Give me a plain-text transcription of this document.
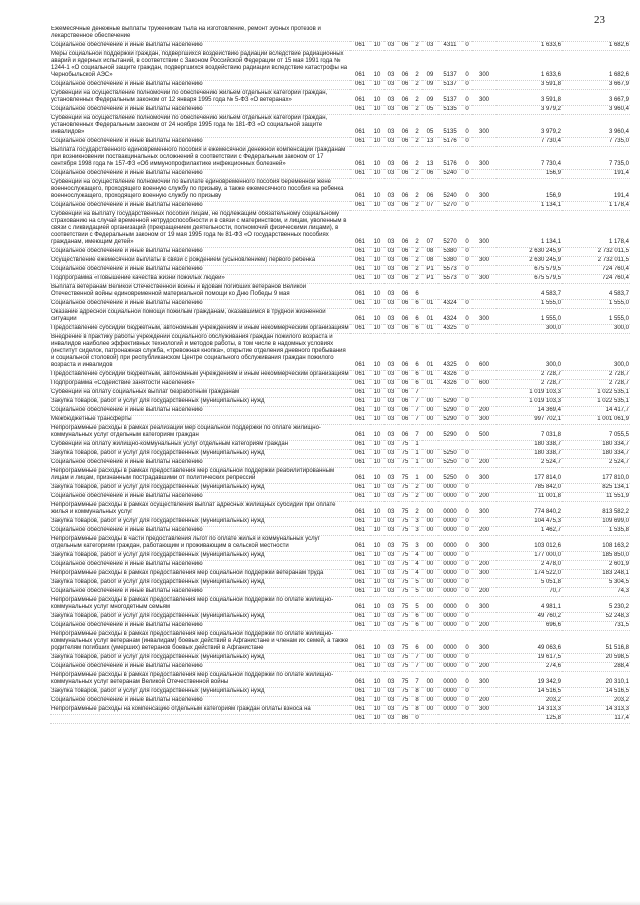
23
Ежемесячные денежные выплаты труженикам тыла на изготовление, ремонт зубных протезов и лекарственное обеспечение											
Социальное обеспечение и иные выплаты населению	061	10	03	06	2	03	4311	0		1 633,6	1 682,6
Меры социальной поддержки граждан, подвергшихся воздействию радиации вследствие радиационных аварий и ядерных испытаний, в соответствии с Законом Российской Федерации от 15 мая 1991 года № 1244-1 «О социальной защите граждан, подвергшихся воздействию радиации вследствие катастрофы на Чернобыльской АЭС»	061	10	03	06	2	09	5137	0	300	1 633,6	1 682,6
Социальное обеспечение и иные выплаты населению	061	10	03	06	2	09	5137	0		3 591,8	3 667,9
Субвенции на осуществление полномочий по обеспечению жильем отдельных категорий граждан, установленных Федеральным законом от 12 января 1995 года № 5-ФЗ «О ветеранах»	061	10	03	06	2	09	5137	0	300	3 591,8	3 667,9
Социальное обеспечение и иные выплаты населению	061	10	03	06	2	05	5135	0		3 979,2	3 960,4
Субвенции на осуществление полномочий по обеспечению жильем отдельных категорий граждан, установленных Федеральным законом от 24 ноября 1995 года № 181-ФЗ «О социальной защите инвалидов»	061	10	03	06	2	05	5135	0	300	3 979,2	3 960,4
Социальное обеспечение и иные выплаты населению	061	10	03	06	2	13	5176	0		7 730,4	7 735,0
Выплата государственного единовременного пособия и ежемесячной денежной компенсации гражданам при возникновении поствакцинальных осложнений в соответствии с Федеральным законом от 17 сентября 1998 года № 157-ФЗ «Об иммунопрофилактике инфекционных болезней»	061	10	03	06	2	13	5176	0	300	7 730,4	7 735,0
Социальное обеспечение и иные выплаты населению	061	10	03	06	2	06	5240	0		156,9	191,4
Субвенции на осуществление полномочий по выплате единовременного пособия беременной жене военнослужащего, проходящего военную службу по призыву, а также ежемесячного пособия на ребенка военнослужащего, проходящего военную службу по призыву	061	10	03	06	2	06	5240	0	300	156,9	191,4
Социальное обеспечение и иные выплаты населению	061	10	03	06	2	07	5270	0		1 134,1	1 178,4
Субвенции на выплату государственных пособий лицам, не подлежащим обязательному социальному страхованию на случай временной нетрудоспособности и в связи с материнством, и лицам, уволенным в связи с ликвидацией организаций (прекращением деятельности, полномочий физическими лицами), в соответствии с Федеральным законом от 19 мая 1995 года № 81-ФЗ «О государственных пособиях гражданам, имеющим детей»	061	10	03	06	2	07	5270	0	300	1 134,1	1 178,4
Социальное обеспечение и иные выплаты населению	061	10	03	06	2	08	5380	0		2 630 245,9	2 732 011,5
Осуществление ежемесячной выплаты в связи с рождением (усыновлением) первого ребенка	061	10	03	06	2	08	5380	0	300	2 630 245,9	2 732 011,5
Социальное обеспечение и иные выплаты населению	061	10	03	06	2	P1	5573	0		675 579,5	724 760,4
Подпрограмма «Повышение качества жизни пожилых людей»	061	10	03	06	2	P1	5573	0	300	675 579,5	724 760,4
Выплата ветеранам Великой Отечественной войны и вдовам погибших ветеранов Великой Отечественной войны единовременной материальной помощи ко Дню Победы 9 мая	061	10	03	06	6					4 583,7	4 583,7
Социальное обеспечение и иные выплаты населению	061	10	03	06	6	01	4324	0		1 555,0	1 555,0
Оказание адресной социальной помощи пожилым гражданам, оказавшимся в трудной жизненной ситуации	061	10	03	06	6	01	4324	0	300	1 555,0	1 555,0
Предоставление субсидий бюджетным, автономным учреждениям и иным некоммерческим организациям	061	10	03	06	6	01	4325	0		300,0	300,0
Внедрение в практику работы учреждений социального обслуживания граждан пожилого возраста и инвалидов наиболее эффективных технологий и методов работы, в том числе в надомных условиях (институт сиделок, патронажная служба, «тревожная кнопка», открытие отделения дневного пребывания и социальной столовой) при республиканском Центре социального обслуживания граждан пожилого возраста и инвалидов	061	10	03	06	6	01	4325	0	600	300,0	300,0
Предоставление субсидий бюджетным, автономным учреждениям и иным некоммерческим организациям	061	10	03	06	6	01	4326	0		2 728,7	2 728,7
Подпрограмма «Содействие занятости населения»	061	10	03	06	6	01	4326	0	600	2 728,7	2 728,7
Субвенции на оплату социальных выплат безработным гражданам	061	10	03	06	7					1 019 103,3	1 022 535,1
Закупка товаров, работ и услуг для государственных (муниципальных) нужд	061	10	03	06	7	00	5290	0		1 019 103,3	1 022 535,1
Социальное обеспечение и иные выплаты населению	061	10	03	06	7	00	5290	0	200	14 369,4	14 417,7
Межбюджетные трансферты	061	10	03	06	7	00	5290	0	300	997 702,1	1 001 061,9
Непрограммные расходы в рамках реализации мер социальной поддержки по оплате жилищно-коммунальных услуг отдельным категориям граждан	061	10	03	06	7	00	5290	0	500	7 031,8	7 055,5
Субвенции на оплату жилищно-коммунальных услуг отдельным категориям граждан	061	10	03	75	1					180 338,7	180 334,7
Закупка товаров, работ и услуг для государственных (муниципальных) нужд	061	10	03	75	1	00	5250	0		180 338,7	180 334,7
Социальное обеспечение и иные выплаты населению	061	10	03	75	1	00	5250	0	200	2 524,7	2 524,7
Непрограммные расходы в рамках предоставления мер социальной поддержки реабилитированным лицам и лицам, признанным пострадавшими от политических репрессий	061	10	03	75	1	00	5250	0	300	177 814,0	177 810,0
Закупка товаров, работ и услуг для государственных (муниципальных) нужд	061	10	03	75	2	00	0000	0		785 842,0	825 134,1
Социальное обеспечение и иные выплаты населению	061	10	03	75	2	00	0000	0	200	11 001,8	11 551,9
Непрограммные расходы в рамках осуществления выплат адресных жилищных субсидий при оплате жилья и коммунальных услуг	061	10	03	75	2	00	0000	0	300	774 840,2	813 582,2
Закупка товаров, работ и услуг для государственных (муниципальных) нужд	061	10	03	75	3	00	0000	0		104 475,3	109 699,0
Социальное обеспечение и иные выплаты населению	061	10	03	75	3	00	0000	0	200	1 462,7	1 535,8
Непрограммные расходы в части предоставления льгот по оплате жилья и коммунальных услуг отдельным категориям граждан, работающим и проживающим в сельской местности	061	10	03	75	3	00	0000	0	300	103 012,6	108 163,2
Закупка товаров, работ и услуг для государственных (муниципальных) нужд	061	10	03	75	4	00	0000	0		177 000,0	185 850,0
Социальное обеспечение и иные выплаты населению	061	10	03	75	4	00	0000	0	200	2 478,0	2 601,9
Непрограммные расходы в рамках предоставления мер социальной поддержки ветеранам труда	061	10	03	75	4	00	0000	0	300	174 522,0	183 248,1
Закупка товаров, работ и услуг для государственных (муниципальных) нужд	061	10	03	75	5	00	0000	0		5 051,8	5 304,5
Социальное обеспечение и иные выплаты населению	061	10	03	75	5	00	0000	0	200	70,7	74,3
Непрограммные расходы в рамках предоставления мер социальной поддержки по оплате жилищно-коммунальных услуг многодетным семьям	061	10	03	75	5	00	0000	0	300	4 981,1	5 230,2
Закупка товаров, работ и услуг для государственных (муниципальных) нужд	061	10	03	75	6	00	0000	0		49 760,2	52 248,3
Социальное обеспечение и иные выплаты населению	061	10	03	75	6	00	0000	0	200	696,6	731,5
Непрограммные расходы в рамках предоставления мер социальной поддержки по оплате жилищно-коммунальных услуг ветеранам (инвалидам) боевых действий в Афганистане и членам их семей, а также родителям погибших (умерших) ветеранов боевых действий в Афганистане	061	10	03	75	6	00	0000	0	300	49 063,6	51 516,8
Закупка товаров, работ и услуг для государственных (муниципальных) нужд	061	10	03	75	7	00	0000	0		19 617,5	20 598,5
Социальное обеспечение и иные выплаты населению	061	10	03	75	7	00	0000	0	200	274,6	288,4
Непрограммные расходы в рамках предоставления мер социальной поддержки по оплате жилищно-коммунальных услуг ветеранам Великой Отечественной войны	061	10	03	75	7	00	0000	0	300	19 342,9	20 310,1
Закупка товаров, работ и услуг для государственных (муниципальных) нужд	061	10	03	75	8	00	0000	0		14 516,5	14 516,5
Социальное обеспечение и иные выплаты населению	061	10	03	75	8	00	0000	0	200	203,2	203,2
Непрограммные расходы на компенсацию отдельным категориям граждан оплаты взноса на	061	10	03	75	8	00	0000	0	300	14 313,3	14 313,3
	061	10	03	86	0					125,8	117,4
